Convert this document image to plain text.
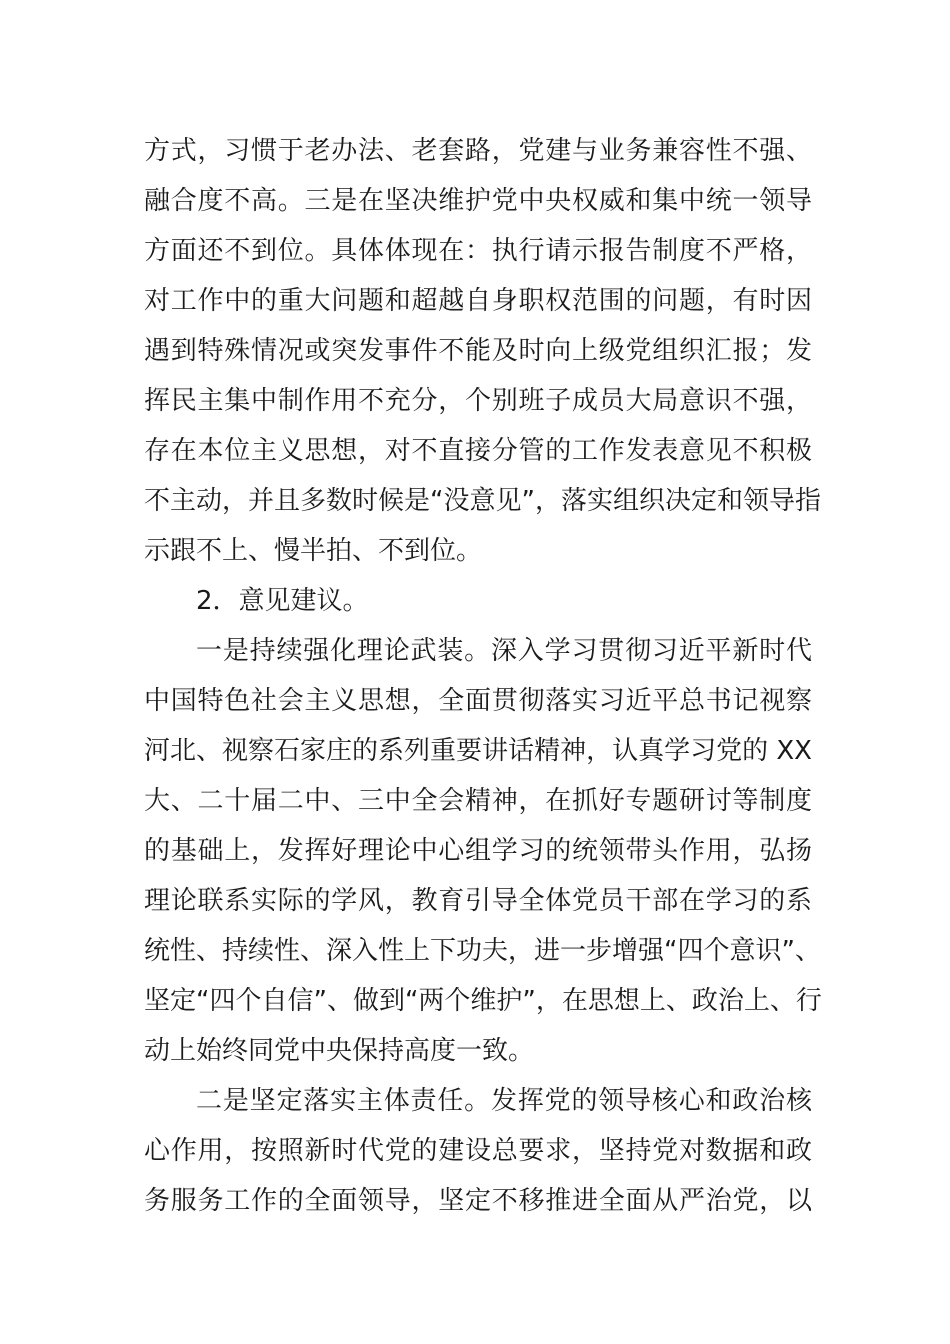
方式，习惯于老办法、老套路，党建与业务兼容性不强、
融合度不高。三是在坚决维护党中央权威和集中统一领导
方面还不到位。具体体现在：执行请示报告制度不严格，
对工作中的重大问题和超越自身职权范围的问题，有时因
遇到特殊情况或突发事件不能及时向上级党组织汇报；发
挥民主集中制作用不充分，个别班子成员大局意识不强，
存在本位主义思想，对不直接分管的工作发表意见不积极
不主动，并且多数时候是“没意见”，落实组织决定和领导指
示跟不上、慢半拍、不到位。
2．意见建议。
一是持续强化理论武装。深入学习贯彻习近平新时代
中国特色社会主义思想，全面贯彻落实习近平总书记视察
河北、视察石家庄的系列重要讲话精神，认真学习党的 XX
大、二十届二中、三中全会精神，在抓好专题研讨等制度
的基础上，发挥好理论中心组学习的统领带头作用，弘扬
理论联系实际的学风，教育引导全体党员干部在学习的系
统性、持续性、深入性上下功夫，进一步增强“四个意识”、
坚定“四个自信”、做到“两个维护”，在思想上、政治上、行
动上始终同党中央保持高度一致。
二是坚定落实主体责任。发挥党的领导核心和政治核
心作用，按照新时代党的建设总要求，坚持党对数据和政
务服务工作的全面领导，坚定不移推进全面从严治党，以
